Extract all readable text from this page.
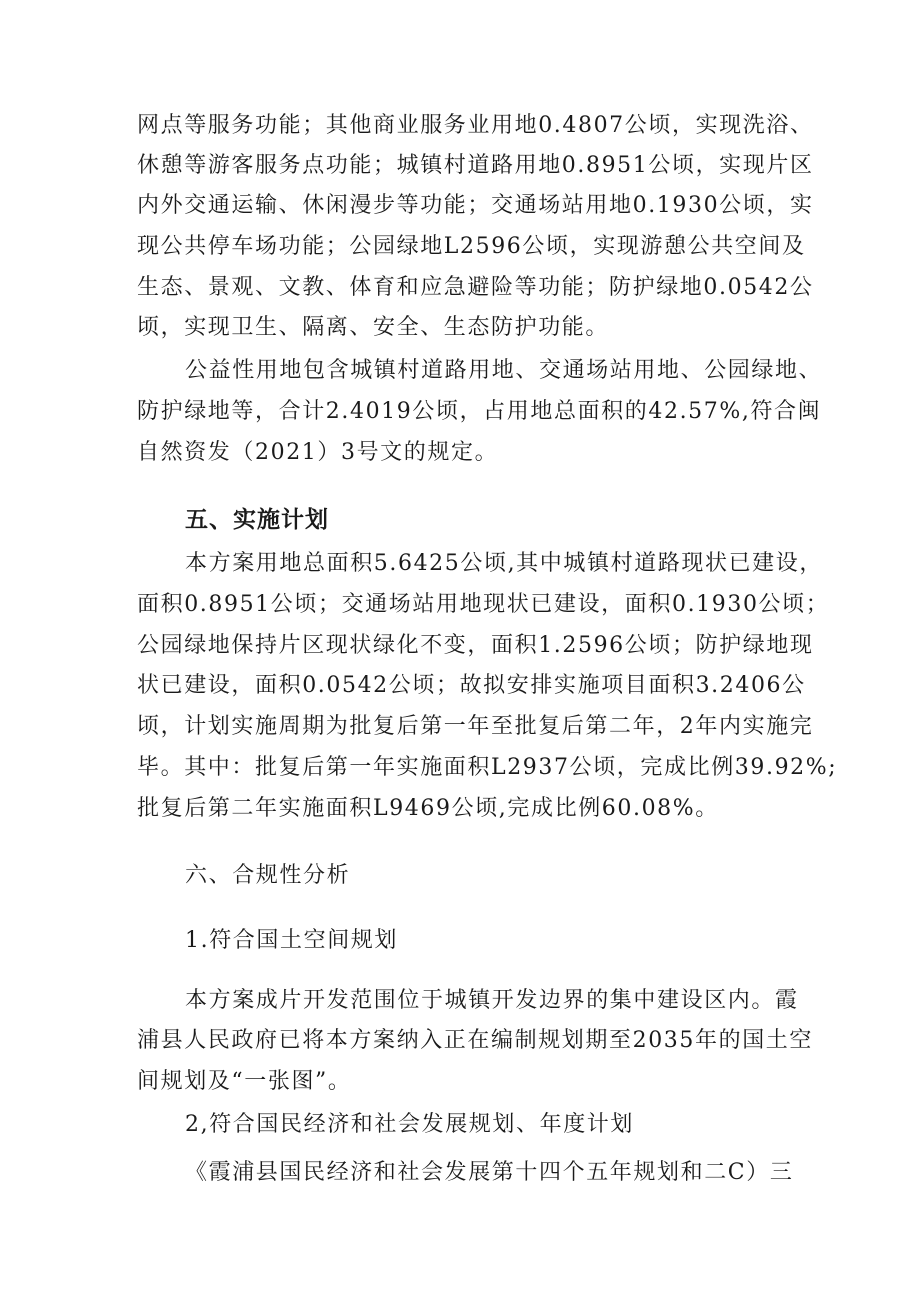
网点等服务功能；其他商业服务业用地0.4807公顷，实现洗浴、
休憩等游客服务点功能；城镇村道路用地0.8951公顷，实现片区
内外交通运输、休闲漫步等功能；交通场站用地0.1930公顷，实
现公共停车场功能；公园绿地L2596公顷，实现游憩公共空间及
生态、景观、文教、体育和应急避险等功能；防护绿地0.0542公
顷，实现卫生、隔离、安全、生态防护功能。
公益性用地包含城镇村道路用地、交通场站用地、公园绿地、
防护绿地等，合计2.4019公顷，占用地总面积的42.57%,符合闽
自然资发（2021）3号文的规定。
五、实施计划
本方案用地总面积5.6425公顷,其中城镇村道路现状已建设，
面积0.8951公顷；交通场站用地现状已建设，面积0.1930公顷；
公园绿地保持片区现状绿化不变，面积1.2596公顷；防护绿地现
状已建设，面积0.0542公顷；故拟安排实施项目面积3.2406公
顷，计划实施周期为批复后第一年至批复后第二年，2年内实施完
毕。其中：批复后第一年实施面积L2937公顷，完成比例39.92%;
批复后第二年实施面积L9469公顷,完成比例60.08%。
六、合规性分析
1.符合国土空间规划
本方案成片开发范围位于城镇开发边界的集中建设区内。霞
浦县人民政府已将本方案纳入正在编制规划期至2035年的国土空
间规划及“一张图”。
2,符合国民经济和社会发展规划、年度计划
《霞浦县国民经济和社会发展第十四个五年规划和二C）三
